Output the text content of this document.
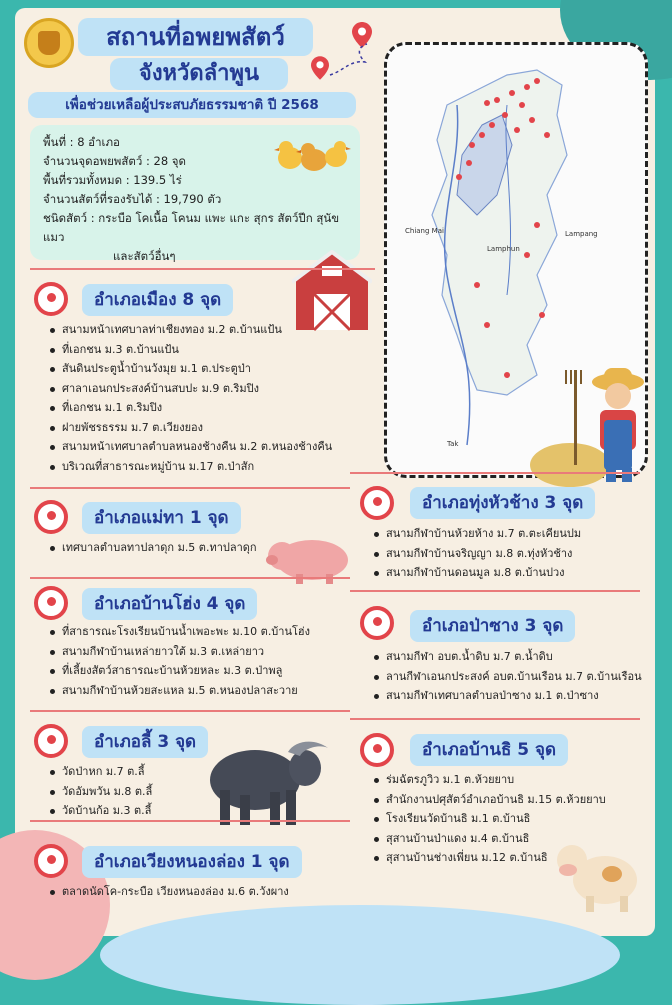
สถานที่อพยพสัตว์
จังหวัดลำพูน
เพื่อช่วยเหลือผู้ประสบภัยธรรมชาติ ปี 2568
พื้นที่ : 8 อำเภอ
จำนวนจุดอพยพสัตว์ : 28 จุด
พื้นที่รวมทั้งหมด : 139.5 ไร่
จำนวนสัตว์ที่รองรับได้ : 19,790 ตัว
ชนิดสัตว์ : กระบือ โคเนื้อ โคนม แพะ แกะ สุกร สัตว์ปีก สุนัข แมว
และสัตว์อื่นๆ
Chiang Mai	Lampang
Tak
Lamphun
อำเภอเมือง 8 จุด
สนามหน้าเทศบาลท่าเชียงทอง ม.2 ต.บ้านแป้น
ที่เอกชน ม.3 ต.บ้านแป้น
สันดินประตูน้ำบ้านวังมุย ม.1 ต.ประตูป่า
ศาลาเอนกประสงค์บ้านสบปะ ม.9 ต.ริมปิง
ที่เอกชน ม.1 ต.ริมปิง
ฝายพัชรธรรม ม.7 ต.เวียงยอง
สนามหน้าเทศบาลตำบลหนองช้างคืน ม.2 ต.หนองช้างคืน
บริเวณที่สาธารณะหมู่บ้าน ม.17 ต.ป่าสัก
อำเภอแม่ทา 1 จุด
เทศบาลตำบลทาปลาดุก ม.5 ต.ทาปลาดุก
อำเภอบ้านโฮ่ง 4 จุด
ที่สาธารณะโรงเรียนบ้านน้ำเพอะพะ ม.10 ต.บ้านโฮ่ง
สนามกีฬาบ้านเหล่ายาวใต้ ม.3 ต.เหล่ายาว
ที่เลี้ยงสัตว์สาธารณะบ้านห้วยหละ ม.3 ต.ป่าพลู
สนามกีฬาบ้านห้วยสะแหล ม.5 ต.หนองปลาสะวาย
อำเภอลี้ 3 จุด
วัดป่าหก ม.7 ต.ลี้
วัดอัมพวัน ม.8 ต.ลี้
วัดบ้านก้อ ม.3 ต.ลี้
อำเภอเวียงหนองล่อง 1 จุด
ตลาดนัดโค-กระบือ เวียงหนองล่อง ม.6 ต.วังผาง
อำเภอทุ่งหัวช้าง 3 จุด
สนามกีฬาบ้านห้วยห้าง ม.7 ต.ตะเคียนปม
สนามกีฬาบ้านจริญญา ม.8 ต.ทุ่งหัวช้าง
สนามกีฬาบ้านดอนมูล ม.8 ต.บ้านปวง
อำเภอป่าซาง 3 จุด
สนามกีฬา อบต.น้ำดิบ ม.7 ต.น้ำดิบ
ลานกีฬาเอนกประสงค์ อบต.บ้านเรือน ม.7 ต.บ้านเรือน
สนามกีฬาเทศบาลตำบลป่าซาง ม.1 ต.ป่าซาง
อำเภอบ้านธิ 5 จุด
ร่มฉัตรภูวิว ม.1 ต.ห้วยยาบ
สำนักงานปศุสัตว์อำเภอบ้านธิ ม.15 ต.ห้วยยาบ
โรงเรียนวัดบ้านธิ ม.1 ต.บ้านธิ
สุสานบ้านป่าแดง ม.4 ต.บ้านธิ
สุสานบ้านช่างเพี่ยน ม.12 ต.บ้านธิ
